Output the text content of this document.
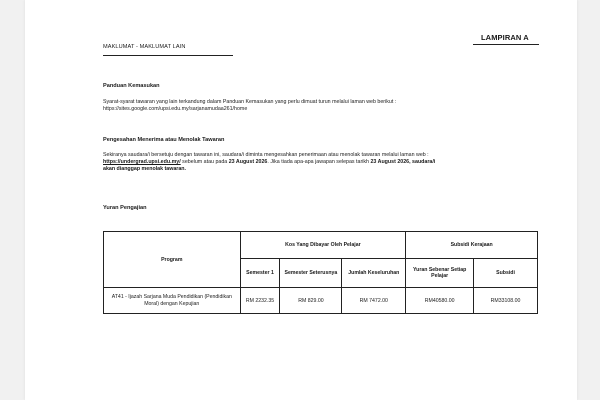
LAMPIRAN A
MAKLUMAT - MAKLUMAT LAIN
Panduan Kemasukan
Syarat-syarat tawaran yang lain terkandung dalam Panduan Kemasukan yang perlu dimuat turun melalui laman web berikut :
https://sites.google.com/upsi.edu.my/sarjanamudaa261/home
Pengesahan Menerima atau Menolak Tawaran
Sekiranya saudara/i bersetuju dengan tawaran ini, saudara/i diminta mengesahkan penerimaan atau menolak tawaran melalui laman web :
https://undergrad.upsi.edu.my/ sebelum atau pada 23 August 2026. Jika tiada apa-apa jawapan selepas tarikh 23 August 2026, saudara/i
akan dianggap menolak tawaran.
Yuran Pengajian
Program	Kos Yang Dibayar Oleh Pelajar			Subsidi Kerajaan	
	Semester 1	Semester Seterusnya	Jumlah Keseluruhan	Yuran Sebenar Setiap Pelajar	Subsidi
AT41 - Ijazah Sarjana Muda Pendidikan (Pendidikan Moral) dengan Kepujian	RM 2232.35	RM 829.00	RM 7472.00	RM40580.00	RM33108.00
